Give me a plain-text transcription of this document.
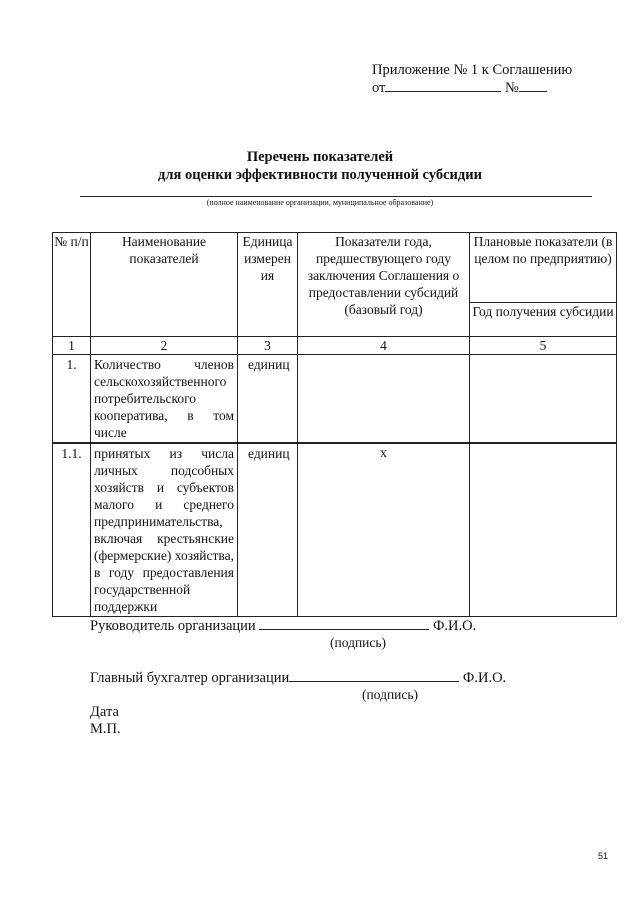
Приложение № 1 к Соглашению
от	№
Перечень показателей
для оценки эффективности полученной субсидии
(полное наименование организации, муниципальное образование)
№ п/п	Наименование показателей	Единица измерен ия	Показатели года, предшествующего году заключения Соглашения о предоставлении субсидий (базовый год)	Плановые показатели (в целом по предприятию)
				Год получения субсидии
1	2	3	4	5
1.	Количество членов сельскохозяйственного потребительского кооператива, в том числе	единиц		
1.1.	принятых из числа личных подсобных хозяйств и субъектов малого и среднего предпринимательства, включая крестьянские (фермерские) хозяйства, в году предоставления государственной поддержки	единиц	x	
Руководитель организации	Ф.И.О.
(подпись)
Главный бухгалтер организации	Ф.И.О.
(подпись)
Дата
М.П.
51
